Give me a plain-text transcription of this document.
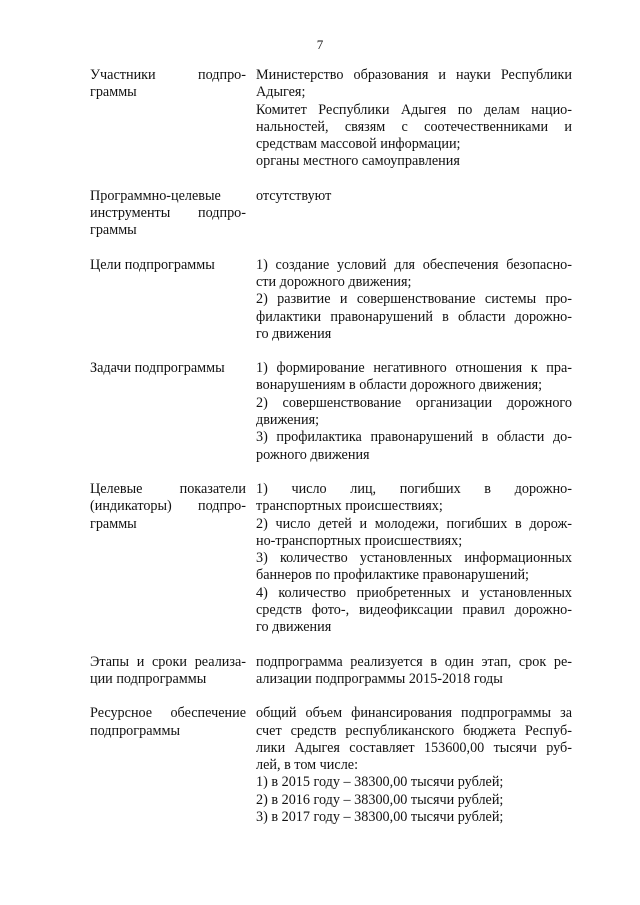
7
Участники подпро-
граммы
Министерство образования и науки Республики
Адыгея;
Комитет Республики Адыгея по делам нацио-
нальностей, связям с соотечественниками и
средствам массовой информации;
органы местного самоуправления
Программно-целевые
инструменты подпро-
граммы
отсутствуют
Цели подпрограммы	1) создание условий для обеспечения безопасно-
сти дорожного движения;
2) развитие и совершенствование системы про-
филактики правонарушений в области дорожно-
го движения
Задачи подпрограммы	1) формирование негативного отношения к пра-
вонарушениям в области дорожного движения;
2) совершенствование организации дорожного
движения;
3) профилактика правонарушений в области до-
рожного движения
Целевые показатели
(индикаторы) подпро-
граммы
1) число лиц, погибших в дорожно-
транспортных происшествиях;
2) число детей и молодежи, погибших в дорож-
но-транспортных происшествиях;
3) количество установленных информационных
баннеров по профилактике правонарушений;
4) количество приобретенных и установленных
средств фото-, видеофиксации правил дорожно-
го движения
Этапы и сроки реализа-
ции подпрограммы
подпрограмма реализуется в один этап, срок ре-
ализации подпрограммы 2015-2018 годы
Ресурсное обеспечение
подпрограммы
общий объем финансирования подпрограммы за
счет средств республиканского бюджета Респуб-
лики Адыгея составляет 153600,00 тысячи руб-
лей, в том числе:
1) в 2015 году – 38300,00 тысячи рублей;
2) в 2016 году – 38300,00 тысячи рублей;
3) в 2017 году – 38300,00 тысячи рублей;
